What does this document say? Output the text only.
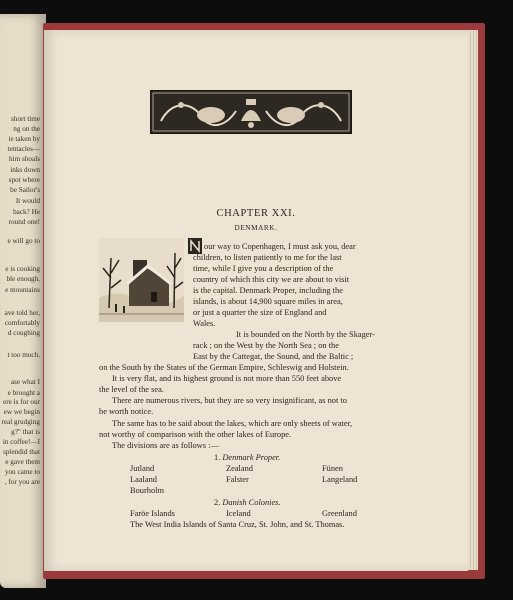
short time
ng on the
ie taken by
tentacles—
him shoals
inks down
spot where
be Sailor's
It would
back? He
round one!
e will go to
e is cooking
ble enough.
e mountains
ave told her,
comfortably
d coughing
t too much.
ase what I
e brought a
ere is for our
ew we begin
real grudging
g?" that is
in coffee!—I
splendid that
e gave them
you came to
, for you are
CHAPTER XXI.
DENMARK.
our way to Copenhagen, I must ask you, dear
children, to listen patiently to me for the last
time, while I give you a description of the
country of which this city we are about to visit
is the capital. Denmark Proper, including the
islands, is about 14,900 square miles in area,
or just a quarter the size of England and
Wales.
It is bounded on the North by the Skager-
rack ; on the West by the North Sea ; on the
East by the Cattegat, the Sound, and the Baltic ;
on the South by the States of the German Empire, Schleswig and Holstein.
It is very flat, and its highest ground is not more than 550 feet above
the level of the sea.
There are numerous rivers, but they are so very insignificant, as not to
be worth notice.
The same has to be said about the lakes, which are only sheets of water,
not worthy of comparison with the other lakes of Europe.
The divisions are as follows :—
1. Denmark Proper.
Jutland	Zealand	Fünen
Laaland	Falster	Langeland
Bourholm
2. Danish Colonies.
Faröe Islands	Iceland	Greenland
The West India Islands of Santa Cruz, St. John, and St. Thomas.
